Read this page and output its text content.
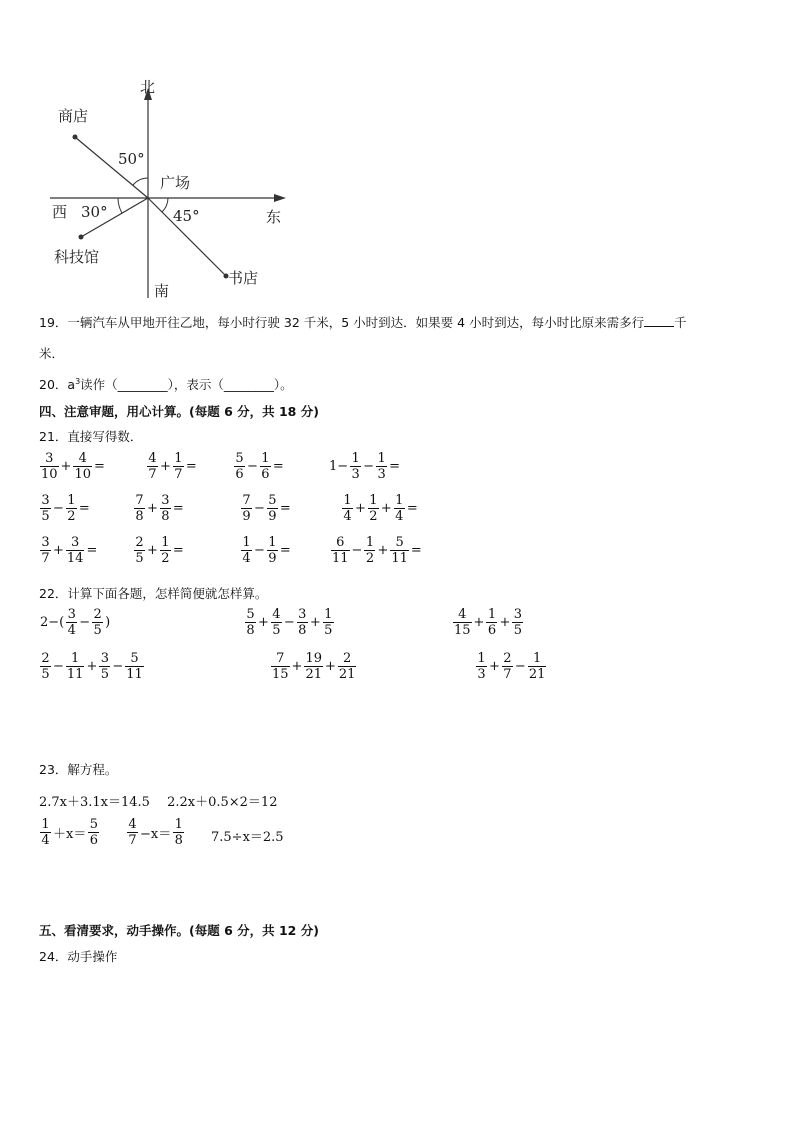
北
南
东
西
广场
商店
科技馆
书店
50°
30°	45°
19．一辆汽车从甲地开往乙地，每小时行驶 32 千米，5 小时到达．如果要 4 小时到达，每小时比原来需多行 千
米．
20．$a^3$读作（________），表示（________）。
四、注意审题，用心计算。(每题 6 分，共 18 分)
21．直接写得数．
$\frac{3}{10} + \frac{4}{10}$ =	$\frac{4}{7} + \frac{1}{7}$ =	$\frac{5}{6} - \frac{1}{6}$ =	$1- \frac{1}{3} - \frac{1}{3}$ =
$\frac{3}{5} - \frac{1}{2}$ =	$\frac{7}{8} + \frac{3}{8}$ =	$\frac{7}{9} - \frac{5}{9}$ =	$\frac{1}{4} + \frac{1}{2} + \frac{1}{4}$ =
$\frac{3}{7} + \frac{3}{14}$ =	$\frac{2}{5} + \frac{1}{2}$ =	$\frac{1}{4} - \frac{1}{9}$ =	$\frac{6}{11} - \frac{1}{2} + \frac{5}{11}$ =
22．计算下面各题，怎样简便就怎样算。
$2-( \frac{3}{4} - \frac{2}{5}$ )	$\frac{5}{8} + \frac{4}{5} - \frac{3}{8} + \frac{1}{5}$	$\frac{4}{15} + \frac{1}{6} + \frac{3}{5}$
$\frac{2}{5} - \frac{1}{11} + \frac{3}{5} - \frac{5}{11}$	$\frac{7}{15} + \frac{19}{21} + \frac{2}{21}$	$\frac{1}{3} + \frac{2}{7} - \frac{1}{21}$
23．解方程。
2.7x＋3.1x＝14.5　 2.2x＋0.5×2＝12
$\frac{1}{4} +x= \frac{5}{6} \frac{4}{7} -x= \frac{1}{8} 7.5\div x=2.5$
五、看清要求，动手操作。(每题 6 分，共 12 分)
24．动手操作
